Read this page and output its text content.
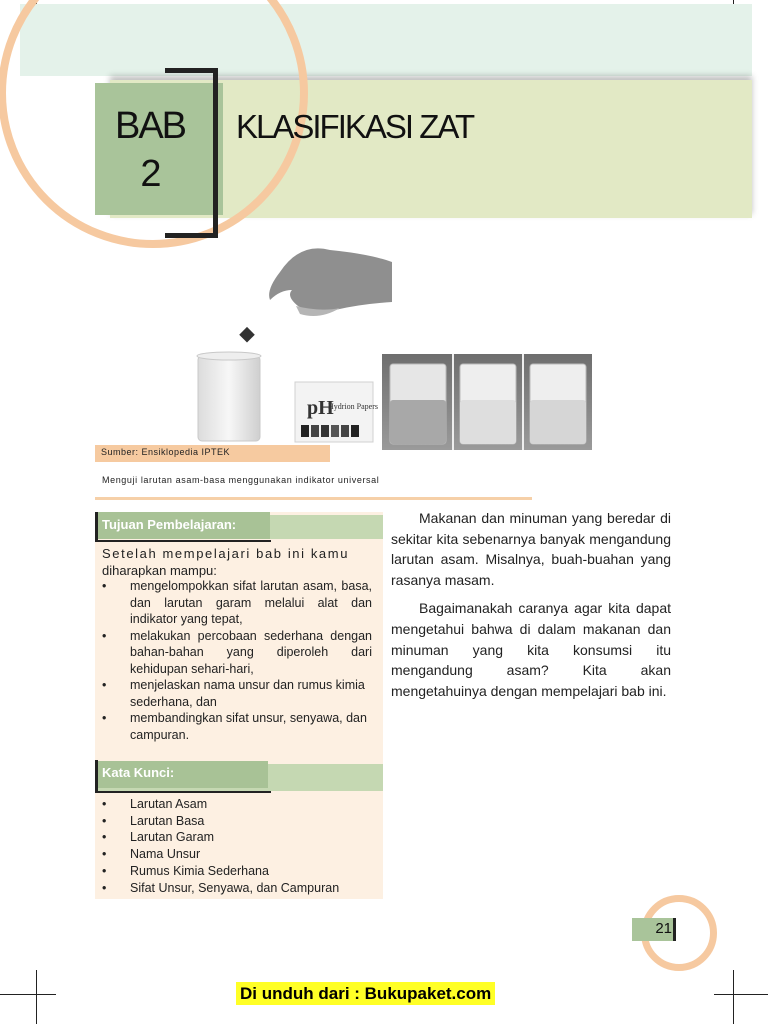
BAB
2
KLASIFIKASI ZAT
pH
Hydrion Papers
Sumber: Ensiklopedia IPTEK
Menguji larutan asam-basa menggunakan indikator universal
Tujuan Pembelajaran:
Kata Kunci:
Setelah mempelajari bab ini kamu
diharapkan mampu:
• mengelompokkan sifat larutan asam, basa, dan larutan garam melalui alat dan indikator yang tepat,
• melakukan percobaan sederhana dengan bahan-bahan yang diperoleh dari kehidupan sehari-hari,
• menjelaskan nama unsur dan rumus kimia sederhana, dan
• membandingkan sifat unsur, senyawa, dan campuran.
• Larutan Asam
• Larutan Basa
• Larutan Garam
• Nama Unsur
• Rumus Kimia Sederhana
• Sifat Unsur, Senyawa, dan Campuran

Makanan dan minuman yang beredar di sekitar kita sebenarnya banyak mengandung larutan asam. Misalnya, buah-buahan yang rasanya masam.

Bagaimanakah caranya agar kita dapat mengetahui bahwa di dalam makanan dan minuman yang kita konsumsi itu mengandung asam? Kita akan mengetahuinya dengan mempelajari bab ini.

21
Di unduh dari : Bukupaket.com
